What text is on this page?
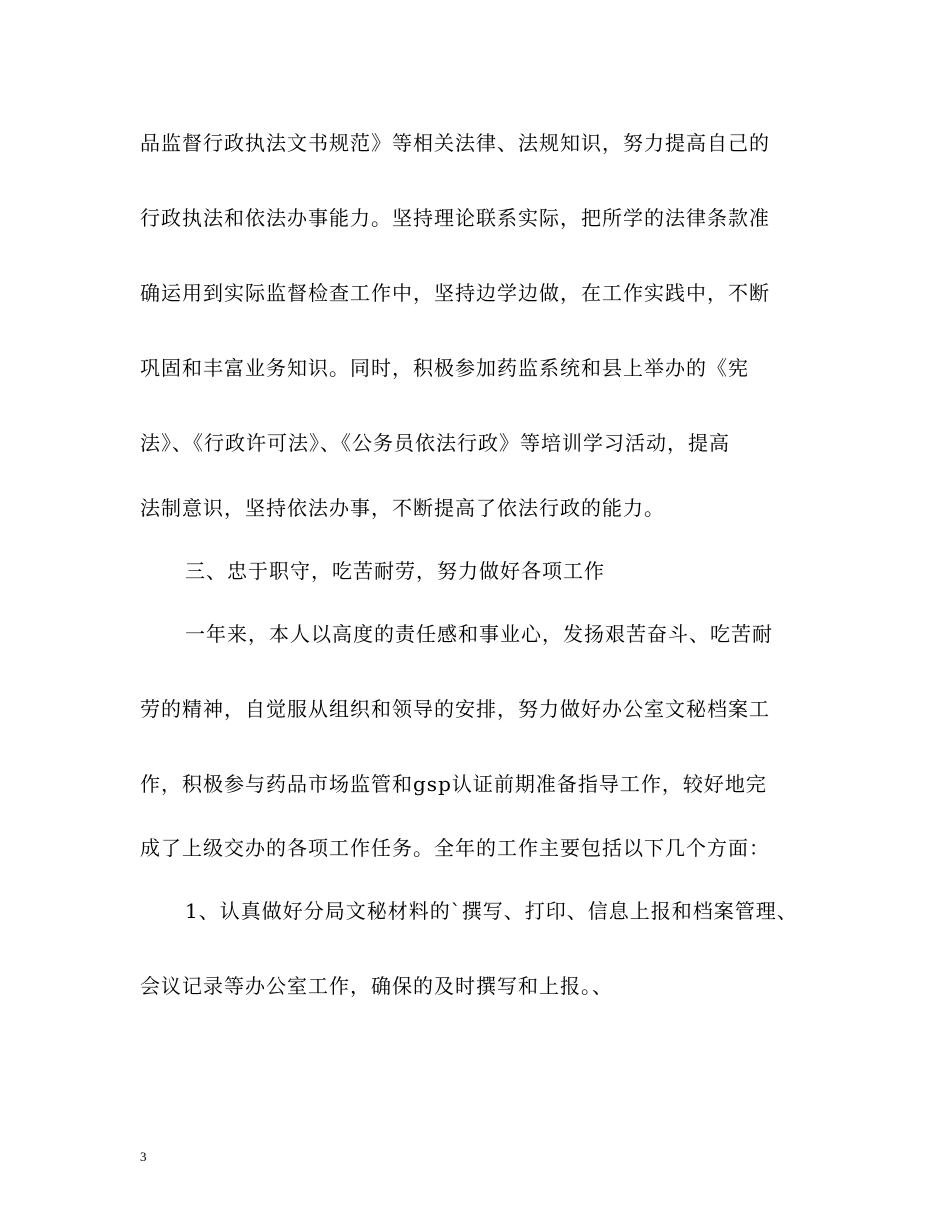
品监督行政执法文书规范》等相关法律、法规知识，努力提高自己的
行政执法和依法办事能力。坚持理论联系实际，把所学的法律条款准
确运用到实际监督检查工作中，坚持边学边做，在工作实践中，不断
巩固和丰富业务知识。同时，积极参加药监系统和县上举办的《宪
法》、《行政许可法》、《公务员依法行政》等培训学习活动，提高
法制意识，坚持依法办事，不断提高了依法行政的能力。
三、忠于职守，吃苦耐劳，努力做好各项工作
一年来，本人以高度的责任感和事业心，发扬艰苦奋斗、吃苦耐
劳的精神，自觉服从组织和领导的安排，努力做好办公室文秘档案工
作，积极参与药品市场监管和gsp认证前期准备指导工作，较好地完
成了上级交办的各项工作任务。全年的工作主要包括以下几个方面：
1、认真做好分局文秘材料的`撰写、打印、信息上报和档案管理、
会议记录等办公室工作，确保的及时撰写和上报。、
3
